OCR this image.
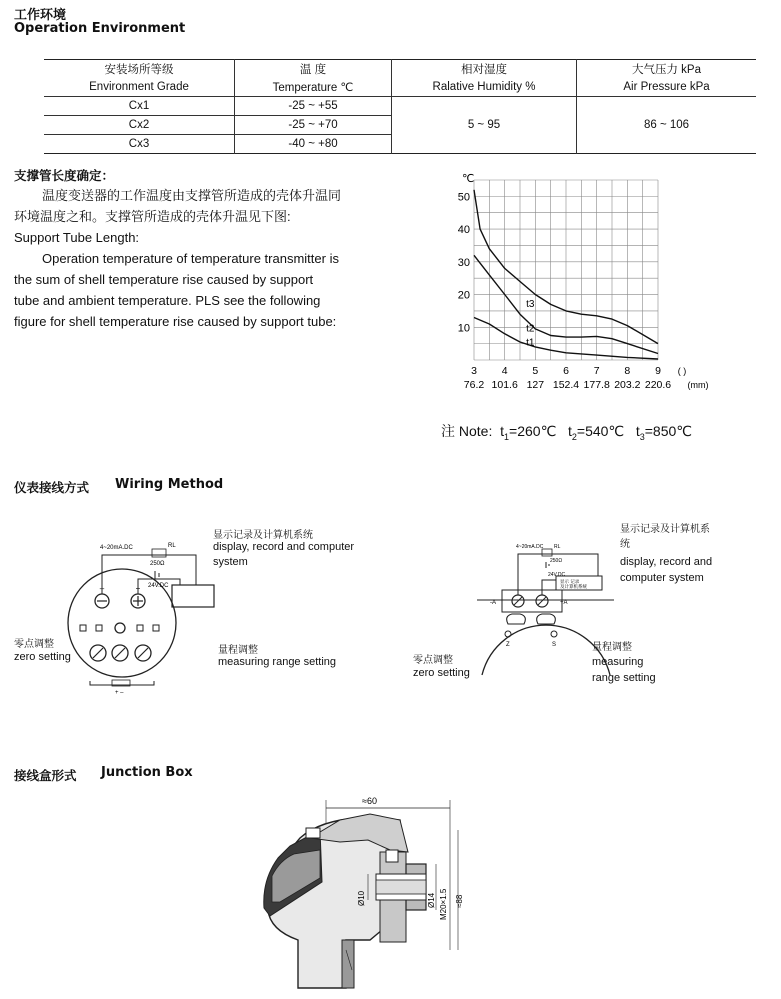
工作环境
Operation Environment
安装场所等级	温 度	相对湿度	大气压力 kPa
Environment Grade	Temperature ℃	Ralative Humidity %	Air Pressure kPa
Cx1	-25 ~ +55	5 ~ 95	86 ~ 106
Cx2	-25 ~ +70		
Cx3	-40 ~ +80		
支撑管长度确定：
温度变送器的工作温度由支撑管所造成的壳体升温同
环境温度之和。支撑管所造成的壳体升温见下图:
Support Tube Length:
Operation temperature of temperature transmitter is
the sum of shell temperature rise caused by support
tube and ambient temperature. PLS see the following
figure for shell temperature rise caused by support tube:	10
20
30
40
50
℃
3
76.2
4
101.6
5
127
6
152.4
7
177.8
8
203.2
9
220.6
( )
(mm)
t1
t2
t3
注 Note: $t_1=260℃$ $t_2=540℃$ $t_3=850℃$
仪表接线方式 Wiring Method
–	+
4~20mA.DC	RL
250Ω
24V.DC
+ –
显示记录及计算机系统
display, record and computer
system
零点调整
zero setting
量程调整
measuring range setting
-A	+A
Z	S
4~20mA.DC RL
250Ω
24V.DC
显示 记录
及计算机系统
显示记录及计算机系
统
display, record and
computer system
零点调整
zero setting
量程调整
measuring
range setting
接线盒形式 Junction Box
≈60
Ø10	Ø14 M20×1.5 ≈88
